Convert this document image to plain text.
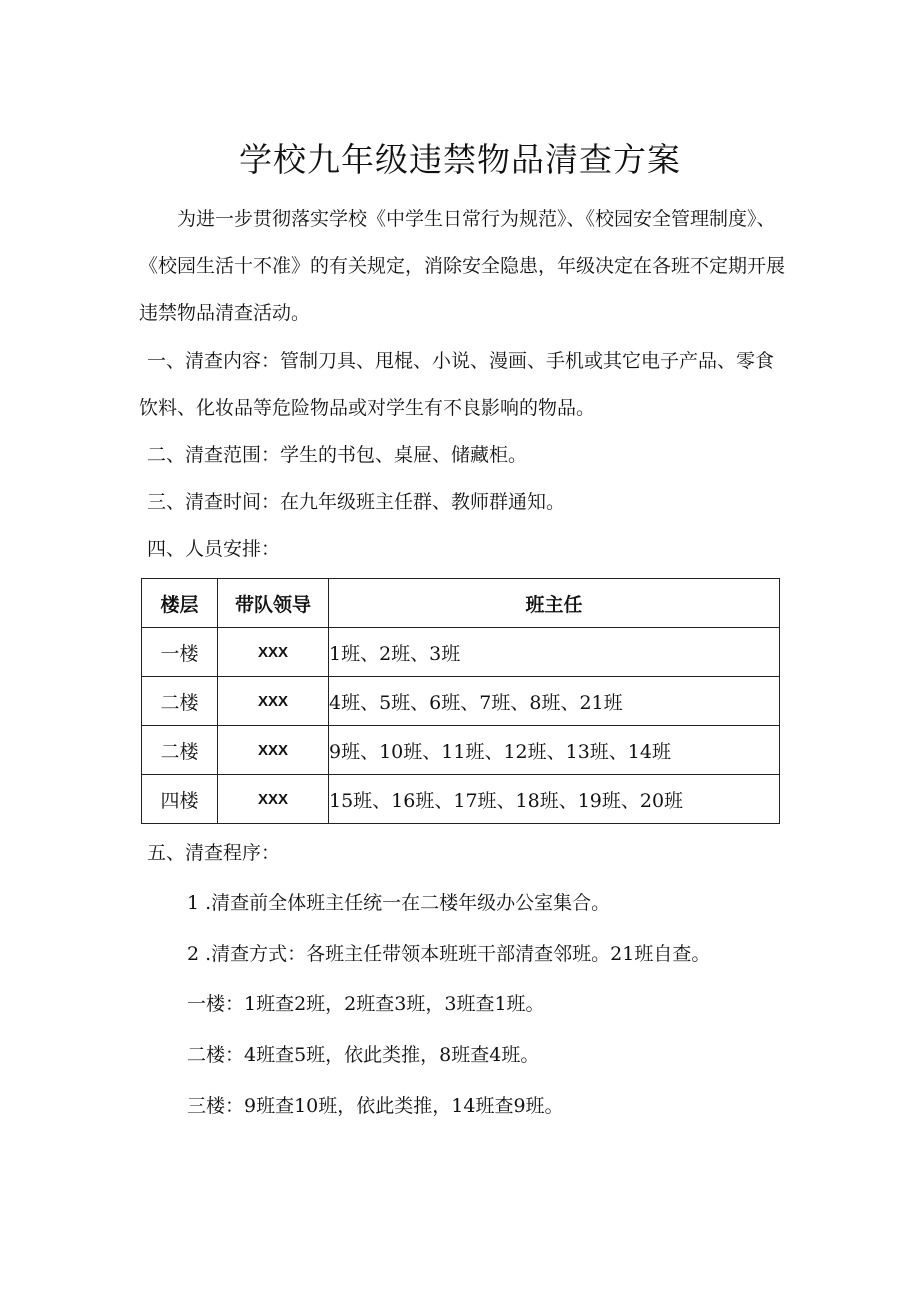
学校九年级违禁物品清查方案

为进一步贯彻落实学校《中学生日常行为规范》、《校园安全管理制度》、《校园生活十不准》的有关规定，消除安全隐患，年级决定在各班不定期开展违禁物品清查活动。

一、清查内容：管制刀具、甩棍、小说、漫画、手机或其它电子产品、零食饮料、化妆品等危险物品或对学生有不良影响的物品。

二、清查范围：学生的书包、桌屉、储藏柜。

三、清查时间：在九年级班主任群、教师群通知。

四、人员安排：

楼层	带队领导	班主任
一楼	XXX	1班、2班、3班
二楼	XXX	4班、5班、6班、7班、8班、21班
二楼	XXX	9班、10班、11班、12班、13班、14班
四楼	XXX	15班、16班、17班、18班、19班、20班

五、清查程序：

1 .清查前全体班主任统一在二楼年级办公室集合。

2 .清查方式：各班主任带领本班班干部清查邻班。21班自查。

一楼：1班查2班，2班查3班，3班查1班。

二楼：4班查5班，依此类推，8班查4班。

三楼：9班查10班，依此类推，14班查9班。
